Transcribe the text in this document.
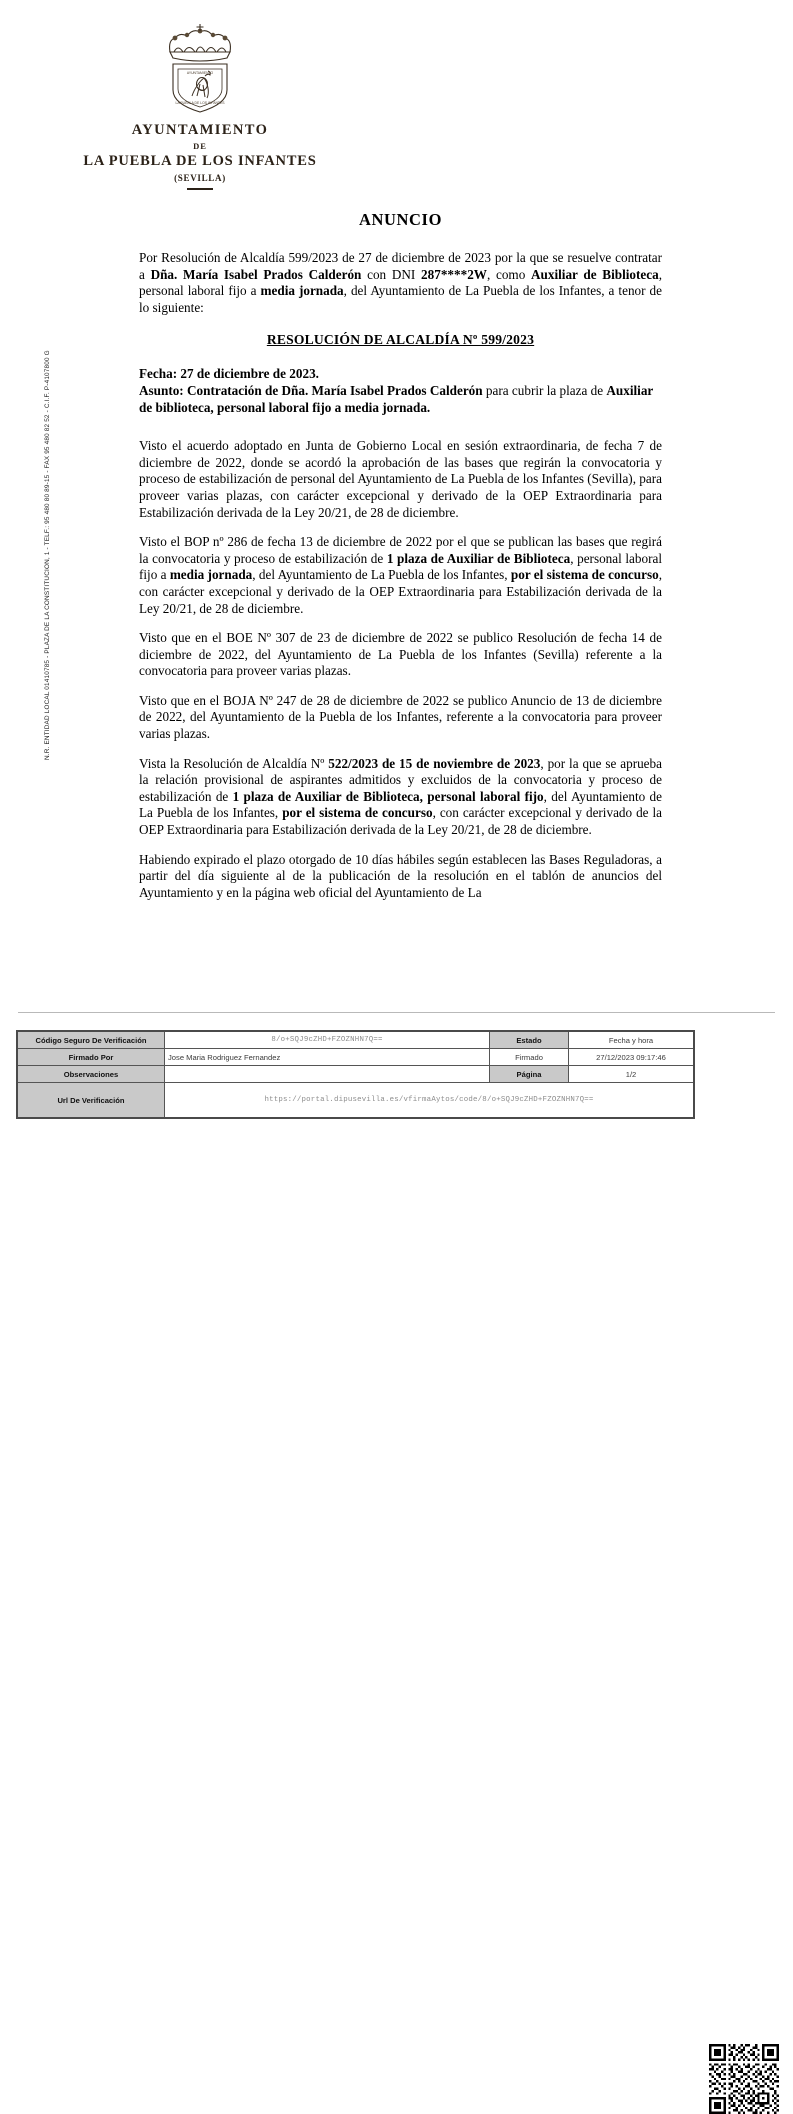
N.R. ENTIDAD LOCAL 01410785 - PLAZA DE LA CONSTITUCION, 1 - TELF.: 95 480 80 89-15 - FAX 95 480 82 52 - C.I.F. P-4107800 G
AYUNTAMIENTO
LA PUEBLA DE LOS INFANTES
AYUNTAMIENTO
DE
LA PUEBLA DE LOS INFANTES
(SEVILLA)
ANUNCIO

Por Resolución de Alcaldía 599/2023 de 27 de diciembre de 2023 por la que se resuelve contratar a Dña. María Isabel Prados Calderón con DNI 287****2W, como Auxiliar de Biblioteca, personal laboral fijo a media jornada, del Ayuntamiento de La Puebla de los Infantes, a tenor de lo siguiente:

RESOLUCIÓN DE ALCALDÍA Nº 599/2023
Fecha: 27 de diciembre de 2023.
Asunto: Contratación de Dña. María Isabel Prados Calderón para cubrir la plaza de Auxiliar de biblioteca, personal laboral fijo a media jornada.

Visto el acuerdo adoptado en Junta de Gobierno Local en sesión extraordinaria, de fecha 7 de diciembre de 2022, donde se acordó la aprobación de las bases que regirán la convocatoria y proceso de estabilización de personal del Ayuntamiento de La Puebla de los Infantes (Sevilla), para proveer varias plazas, con carácter excepcional y derivado de la OEP Extraordinaria para Estabilización derivada de la Ley 20/21, de 28 de diciembre.

Visto el BOP nº 286 de fecha 13 de diciembre de 2022 por el que se publican las bases que regirá la convocatoria y proceso de estabilización de 1 plaza de Auxiliar de Biblioteca, personal laboral fijo a media jornada, del Ayuntamiento de La Puebla de los Infantes, por el sistema de concurso, con carácter excepcional y derivado de la OEP Extraordinaria para Estabilización derivada de la Ley 20/21, de 28 de diciembre.

Visto que en el BOE Nº 307 de 23 de diciembre de 2022 se publico Resolución de fecha 14 de diciembre de 2022, del Ayuntamiento de La Puebla de los Infantes (Sevilla) referente a la convocatoria para proveer varias plazas.

Visto que en el BOJA Nº 247 de 28 de diciembre de 2022 se publico Anuncio de 13 de diciembre de 2022, del Ayuntamiento de la Puebla de los Infantes, referente a la convocatoria para proveer varias plazas.

Vista la Resolución de Alcaldía Nº 522/2023 de 15 de noviembre de 2023, por la que se aprueba la relación provisional de aspirantes admitidos y excluidos de la convocatoria y proceso de estabilización de 1 plaza de Auxiliar de Biblioteca, personal laboral fijo, del Ayuntamiento de La Puebla de los Infantes, por el sistema de concurso, con carácter excepcional y derivado de la OEP Extraordinaria para Estabilización derivada de la Ley 20/21, de 28 de diciembre.

Habiendo expirado el plazo otorgado de 10 días hábiles según establecen las Bases Reguladoras, a partir del día siguiente al de la publicación de la resolución en el tablón de anuncios del Ayuntamiento y en la página web oficial del Ayuntamiento de La

Código Seguro De Verificación	8/o+SQJ9cZHD+FZOZNHN7Q==	Estado	Fecha y hora
Firmado Por	Jose Maria Rodriguez Fernandez	Firmado	27/12/2023 09:17:46
Observaciones		Página	1/2
Url De Verificación	https://portal.dipusevilla.es/vfirmaAytos/code/8/o+SQJ9cZHD+FZOZNHN7Q==		
